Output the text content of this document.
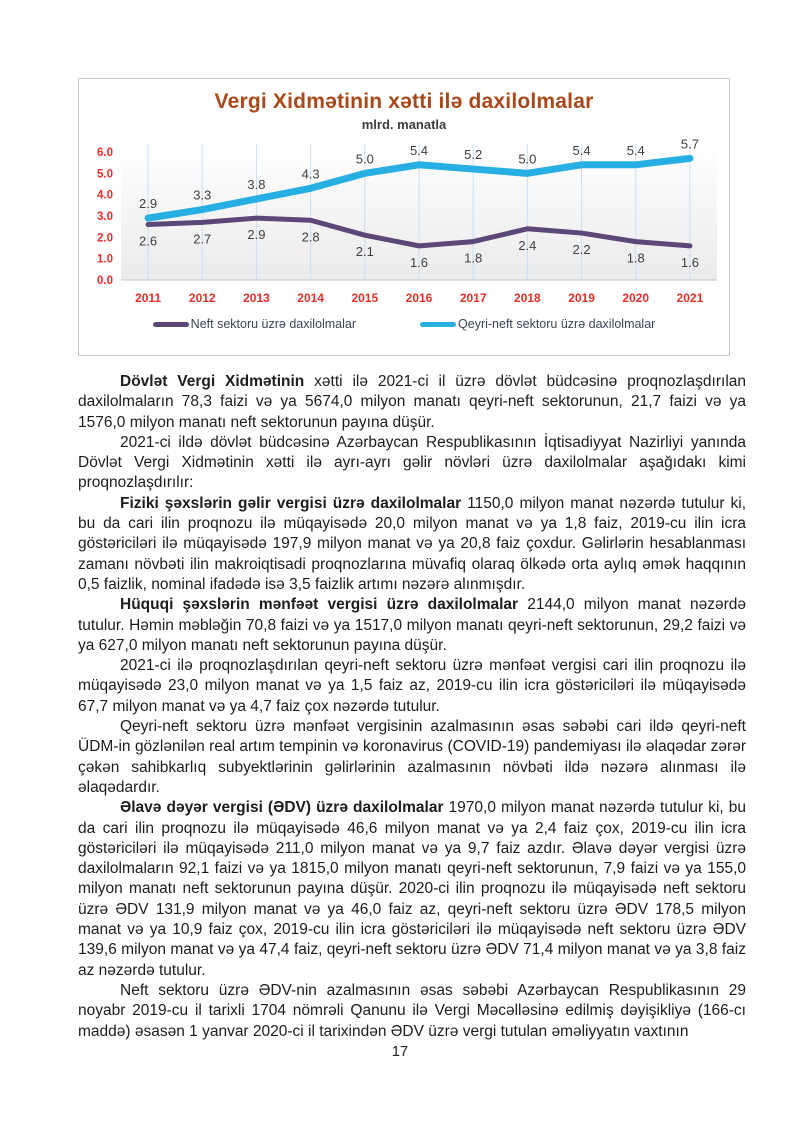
Vergi Xidmətinin xətti ilə daxilolmalar
mlrd. manatla
0.0
1.0
2.0
3.0
4.0
5.0
6.0
2.6	2.7	2.9	2.8
2.1
1.6	1.8
2.4	2.2
1.8	1.6
2.9
3.3
3.8
4.3
5.0
5.4	5.2	5.0
5.4	5.4	5.7
2011 2012 2013 2014 2015 2016 2017 2018 2019 2020 2021
Neft sektoru üzrə daxilolmalar	Qeyri-neft sektoru üzrə daxilolmalar

Dövlət Vergi Xidmətinin xətti ilə 2021-ci il üzrə dövlət büdcəsinə proqnozlaşdırılan daxilolmaların 78,3 faizi və ya 5674,0 milyon manatı qeyri-neft sektorunun, 21,7 faizi və ya 1576,0 milyon manatı neft sektorunun payına düşür.

2021-ci ildə dövlət büdcəsinə Azərbaycan Respublikasının İqtisadiyyat Nazirliyi yanında Dövlət Vergi Xidmətinin xətti ilə ayrı-ayrı gəlir növləri üzrə daxilolmalar aşağıdakı kimi proqnozlaşdırılır:

Fiziki şəxslərin gəlir vergisi üzrə daxilolmalar 1150,0 milyon manat nəzərdə tutulur ki, bu da cari ilin proqnozu ilə müqayisədə 20,0 milyon manat və ya 1,8 faiz, 2019-cu ilin icra göstəriciləri ilə müqayisədə 197,9 milyon manat və ya 20,8 faiz çoxdur. Gəlirlərin hesablanması zamanı növbəti ilin makroiqtisadi proqnozlarına müvafiq olaraq ölkədə orta aylıq əmək haqqının 0,5 faizlik, nominal ifadədə isə 3,5 faizlik artımı nəzərə alınmışdır.

Hüquqi şəxslərin mənfəət vergisi üzrə daxilolmalar 2144,0 milyon manat nəzərdə tutulur. Həmin məbləğin 70,8 faizi və ya 1517,0 milyon manatı qeyri-neft sektorunun, 29,2 faizi və ya 627,0 milyon manatı neft sektorunun payına düşür.

2021-ci ilə proqnozlaşdırılan qeyri-neft sektoru üzrə mənfəət vergisi cari ilin proqnozu ilə müqayisədə 23,0 milyon manat və ya 1,5 faiz az, 2019-cu ilin icra göstəriciləri ilə müqayisədə 67,7 milyon manat və ya 4,7 faiz çox nəzərdə tutulur.

Qeyri-neft sektoru üzrə mənfəət vergisinin azalmasının əsas səbəbi cari ildə qeyri-neft ÜDM-in gözlənilən real artım tempinin və koronavirus (COVID-19) pandemiyası ilə əlaqədar zərər çəkən sahibkarlıq subyektlərinin gəlirlərinin azalmasının növbəti ildə nəzərə alınması ilə əlaqədardır.

Əlavə dəyər vergisi (ƏDV) üzrə daxilolmalar 1970,0 milyon manat nəzərdə tutulur ki, bu da cari ilin proqnozu ilə müqayisədə 46,6 milyon manat və ya 2,4 faiz çox, 2019-cu ilin icra göstəriciləri ilə müqayisədə 211,0 milyon manat və ya 9,7 faiz azdır. Əlavə dəyər vergisi üzrə daxilolmaların 92,1 faizi və ya 1815,0 milyon manatı qeyri-neft sektorunun, 7,9 faizi və ya 155,0 milyon manatı neft sektorunun payına düşür. 2020-ci ilin proqnozu ilə müqayisədə neft sektoru üzrə ƏDV 131,9 milyon manat və ya 46,0 faiz az, qeyri-neft sektoru üzrə ƏDV 178,5 milyon manat və ya 10,9 faiz çox, 2019-cu ilin icra göstəriciləri ilə müqayisədə neft sektoru üzrə ƏDV 139,6 milyon manat və ya 47,4 faiz, qeyri-neft sektoru üzrə ƏDV 71,4 milyon manat və ya 3,8 faiz az nəzərdə tutulur.

Neft sektoru üzrə ƏDV-nin azalmasının əsas səbəbi Azərbaycan Respublikasının 29 noyabr 2019-cu il tarixli 1704 nömrəli Qanunu ilə Vergi Məcəlləsinə edilmiş dəyişikliyə (166-cı maddə) əsasən 1 yanvar 2020-ci il tarixindən ƏDV üzrə vergi tutulan əməliyyatın vaxtının

17
